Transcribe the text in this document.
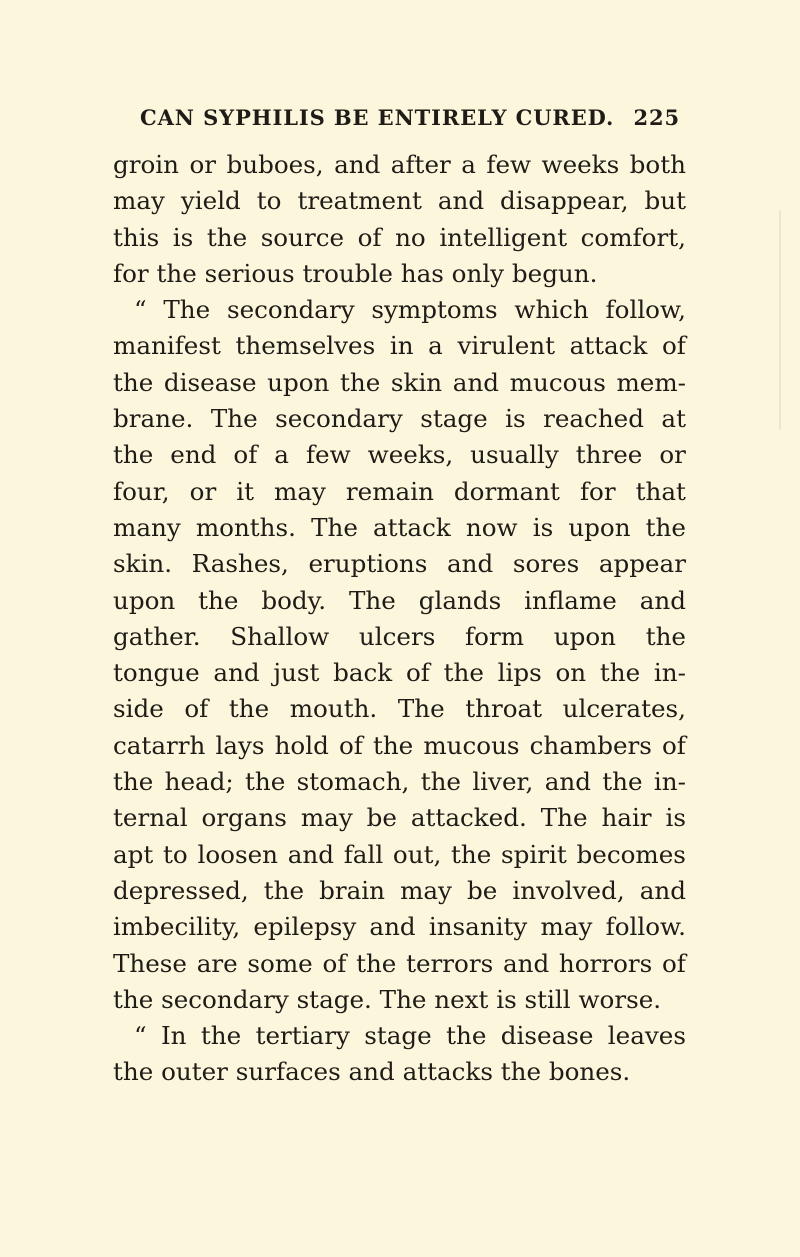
CAN SYPHILIS BE ENTIRELY CURED. 225
groin or buboes, and after a few weeks both
may yield to treatment and disappear, but
this is the source of no intelligent comfort,
for the serious trouble has only begun.
“ The secondary symptoms which follow,
manifest themselves in a virulent attack of
the disease upon the skin and mucous mem-
brane. The secondary stage is reached at
the end of a few weeks, usually three or
four, or it may remain dormant for that
many months. The attack now is upon the
skin. Rashes, eruptions and sores appear
upon the body. The glands inflame and
gather. Shallow ulcers form upon the
tongue and just back of the lips on the in-
side of the mouth. The throat ulcerates,
catarrh lays hold of the mucous chambers of
the head; the stomach, the liver, and the in-
ternal organs may be attacked. The hair is
apt to loosen and fall out, the spirit becomes
depressed, the brain may be involved, and
imbecility, epilepsy and insanity may follow.
These are some of the terrors and horrors of
the secondary stage. The next is still worse.
“ In the tertiary stage the disease leaves
the outer surfaces and attacks the bones.
